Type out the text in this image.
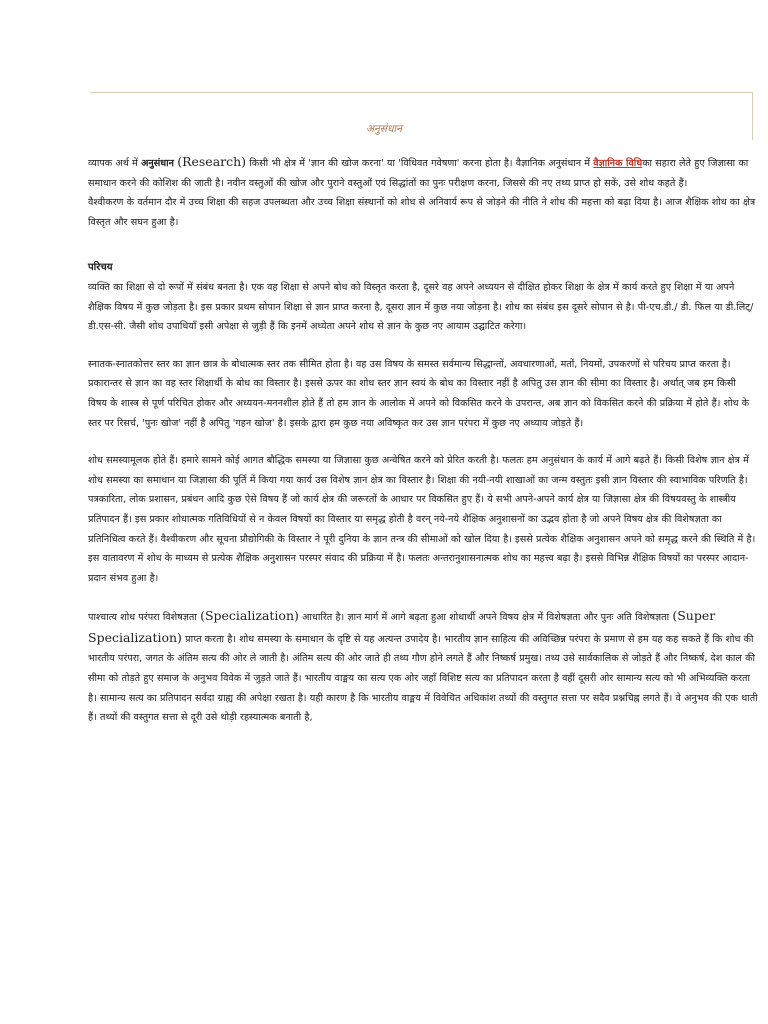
अनुसंधान

व्यापक अर्थ में अनुसंधान (Research) किसी भी क्षेत्र में 'ज्ञान की खोज करना' या 'विधिवत गवेषणा' करना होता है। वैज्ञानिक अनुसंधान में वैज्ञानिक विधिका सहारा लेते हुए जिज्ञासा का समाधान करने की कोशिश की जाती है। नवीन वस्तुओं की खोज और पुराने वस्तुओं एवं सिद्धांतों का पुनः परीक्षण करना, जिससे की नए तथ्य प्राप्त हो सकें, उसे शोध कहते हैं।

वैश्वीकरण के वर्तमान दौर में उच्च शिक्षा की सहज उपलब्धता और उच्च शिक्षा संस्थानों को शोध से अनिवार्य रूप से जोड़ने की नीति ने शोध की महत्ता को बढ़ा दिया है। आज शैक्षिक शोध का क्षेत्र विस्तृत और सघन हुआ है।

परिचय

व्यक्ति का शिक्षा से दो रूपों में संबंध बनता है। एक वह शिक्षा से अपने बोध को विस्तृत करता है, दूसरे वह अपने अध्ययन से दीक्षित होकर शिक्षा के क्षेत्र में कार्य करते हुए शिक्षा में या अपने शैक्षिक विषय में कुछ जोड़ता है। इस प्रकार प्रथम सोपान शिक्षा से ज्ञान प्राप्त करना है, दूसरा ज्ञान में कुछ नया जोड़ना है। शोध का संबंध इस दूसरे सोपान से है। पी-एच.डी./ डी. फिल या डी.लिट्/डी.एस-सी. जैसी शोध उपाधियाँ इसी अपेक्षा से जुड़ी हैं कि इनमें अध्येता अपने शोध से ज्ञान के कुछ नए आयाम उद्घाटित करेगा।

स्नातक-स्नातकोत्तर स्तर का ज्ञान छात्र के बोधात्मक स्तर तक सीमित होता है। वह उस विषय के समस्त सर्वमान्य सिद्धान्तों, अवधारणाओं, मतों, नियमों, उपकरणों से परिचय प्राप्त करता है। प्रकारान्तर से ज्ञान का वह स्तर शिक्षार्थी के बोध का विस्तार है। इससे ऊपर का शोध स्तर ज्ञान स्वयं के बोध का विस्तार नहीं है अपितु उस ज्ञान की सीमा का विस्तार है। अर्थात् जब हम किसी विषय के शास्त्र से पूर्ण परिचित होकर और अध्ययन-मननशील होते हैं तो हम ज्ञान के आलोक में अपने को विकसित करने के उपरान्त, अब ज्ञान को विकसित करने की प्रक्रिया में होते हैं। शोध के स्तर पर रिसर्च, 'पुनः खोज' नहीं है अपितु 'गहन खोज' है। इसके द्वारा हम कुछ नया अविष्कृत कर उस ज्ञान परंपरा में कुछ नए अध्याय जोड़ते हैं।

शोध समस्यामूलक होते हैं। हमारे सामने कोई आगत बौद्धिक समस्या या जिज्ञासा कुछ अन्वेषित करने को प्रेरित करती है। फलतः हम अनुसंधान के कार्य में आगे बढ़ते हैं। किसी विशेष ज्ञान क्षेत्र में शोध समस्या का समाधान या जिज्ञासा की पूर्ति में किया गया कार्य उस विशेष ज्ञान क्षेत्र का विस्तार है। शिक्षा की नयी-नयी शाखाओं का जन्म वस्तुतः इसी ज्ञान विस्तार की स्वाभाविक परिणति है। पत्रकारिता, लोक प्रशासन, प्रबंधन आदि कुछ ऐसे विषय हैं जो कार्य क्षेत्र की जरूरतों के आधार पर विकसित हुए हैं। ये सभी अपने-अपने कार्य क्षेत्र या जिज्ञासा क्षेत्र की विषयवस्तु के शास्त्रीय प्रतिपादन हैं। इस प्रकार शोधात्मक गतिविधियों से न केवल विषयों का विस्तार या समृद्ध होती है वरन् नये-नये शैक्षिक अनुशासनों का उद्भव होता है जो अपने विषय क्षेत्र की विशेषज्ञता का प्रतिनिधित्व करते हैं। वैश्वीकरण और सूचना प्रौद्योगिकी के विस्तार ने पूरी दुनिया के ज्ञान तन्त्र की सीमाओं को खोल दिया है। इससे प्रत्येक शैक्षिक अनुशासन अपने को समृद्ध करने की स्थिति में है। इस वातावरण में शोध के माध्यम से प्रत्येक शैक्षिक अनुशासन परस्पर संवाद की प्रक्रिया में है। फलतः अन्तरानुशासनात्मक शोध का महत्त्व बढ़ा है। इससे विभिन्न शैक्षिक विषयों का परस्पर आदान-प्रदान संभव हुआ है।

पाश्चात्य शोध परंपरा विशेषज्ञता (Specialization) आधारित है। ज्ञान मार्ग में आगे बढ़ता हुआ शोधार्थी अपने विषय क्षेत्र में विशेषज्ञता और पुनः अति विशेषज्ञता (Super Specialization) प्राप्त करता है। शोध समस्या के समाधान के दृष्टि से यह अत्यन्त उपादेय है। भारतीय ज्ञान साहित्य की अविच्छिन्न परंपरा के प्रमाण से हम यह कह सकते हैं कि शोध की भारतीय परंपरा, जगत के अंतिम सत्य की ओर ले जाती है। अंतिम सत्य की ओर जाते ही तथ्य गौण होने लगते हैं और निष्कर्ष प्रमुख। तथ्य उसे सार्वकालिक से जोड़ते हैं और निष्कर्ष, देश काल की सीमा को तोड़ते हुए समाज के अनुभव विवेक में जुड़ते जाते हैं। भारतीय वाङ्मय का सत्य एक ओर जहाँ विशिष्ट सत्य का प्रतिपादन करता है वहीं दूसरी ओर सामान्य सत्य को भी अभिव्यक्ति करता है। सामान्य सत्य का प्रतिपादन सर्वदा ग्राह्य की अपेक्षा रखता है। यही कारण है कि भारतीय वाङ्मय में विवेचित अधिकांश तथ्यों की वस्तुगत सत्ता पर सदैव प्रश्नचिह्न लगते हैं। वे अनुभव की एक थाती हैं। तथ्यों की वस्तुगत सत्ता से दूरी उसे थोड़ी रहस्यात्मक बनाती है,
